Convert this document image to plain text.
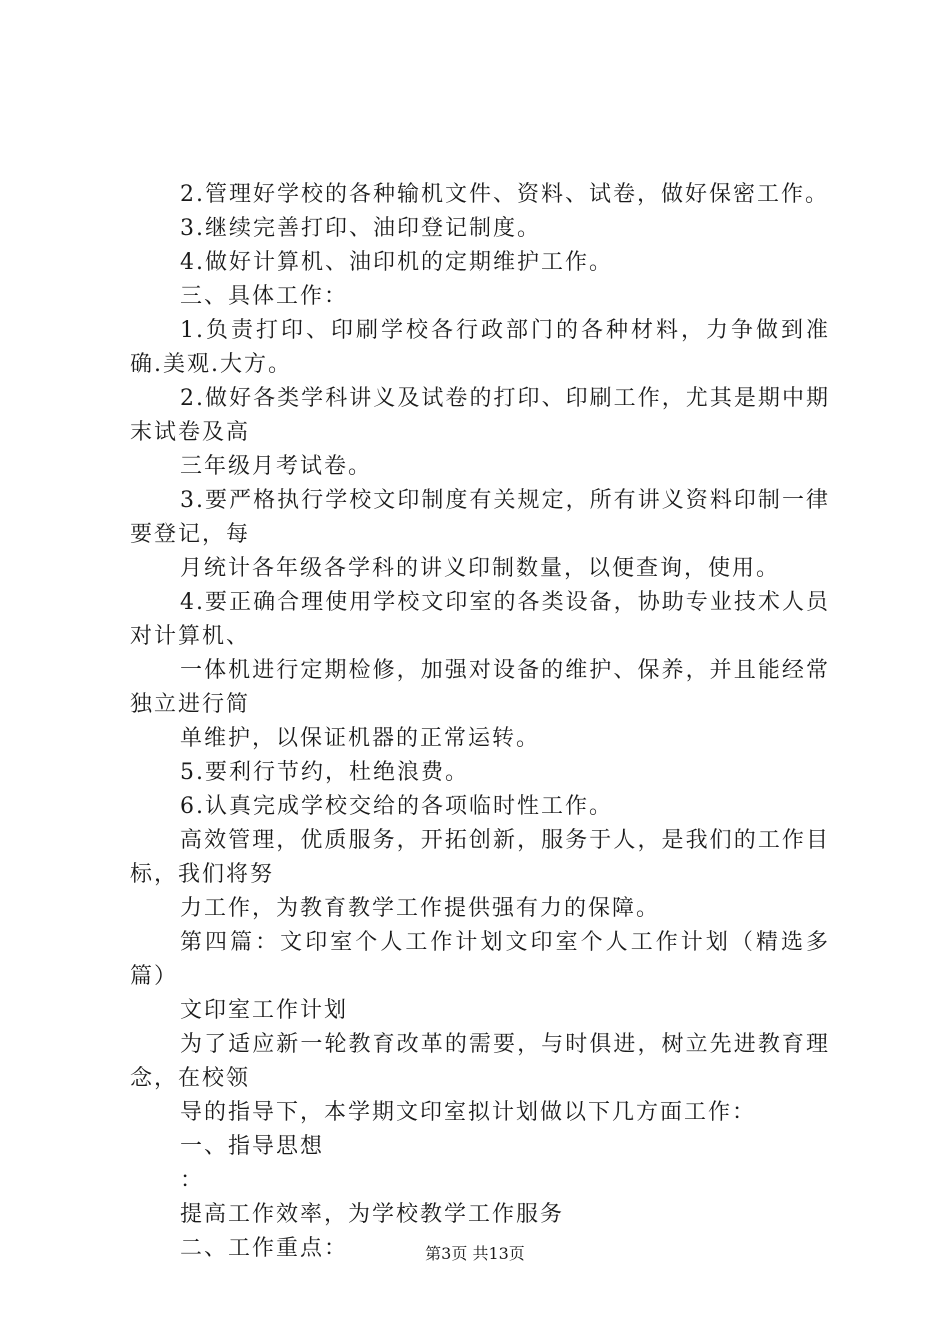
2.管理好学校的各种输机文件、资料、试卷，做好保密工作。

3.继续完善打印、油印登记制度。

4.做好计算机、油印机的定期维护工作。

三、具体工作：

1.负责打印、印刷学校各行政部门的各种材料，力争做到准确.美观.大方。

2.做好各类学科讲义及试卷的打印、印刷工作，尤其是期中期末试卷及高

三年级月考试卷。

3.要严格执行学校文印制度有关规定，所有讲义资料印制一律要登记，每

月统计各年级各学科的讲义印制数量，以便查询，使用。

4.要正确合理使用学校文印室的各类设备，协助专业技术人员对计算机、

一体机进行定期检修，加强对设备的维护、保养，并且能经常独立进行简

单维护，以保证机器的正常运转。

5.要利行节约，杜绝浪费。

6.认真完成学校交给的各项临时性工作。

高效管理，优质服务，开拓创新，服务于人，是我们的工作目标，我们将努

力工作，为教育教学工作提供强有力的保障。

第四篇：文印室个人工作计划文印室个人工作计划（精选多篇）

文印室工作计划

为了适应新一轮教育改革的需要，与时俱进，树立先进教育理念，在校领

导的指导下，本学期文印室拟计划做以下几方面工作：

一、指导思想

：

提高工作效率，为学校教学工作服务

二、工作重点：	第3页 共13页
